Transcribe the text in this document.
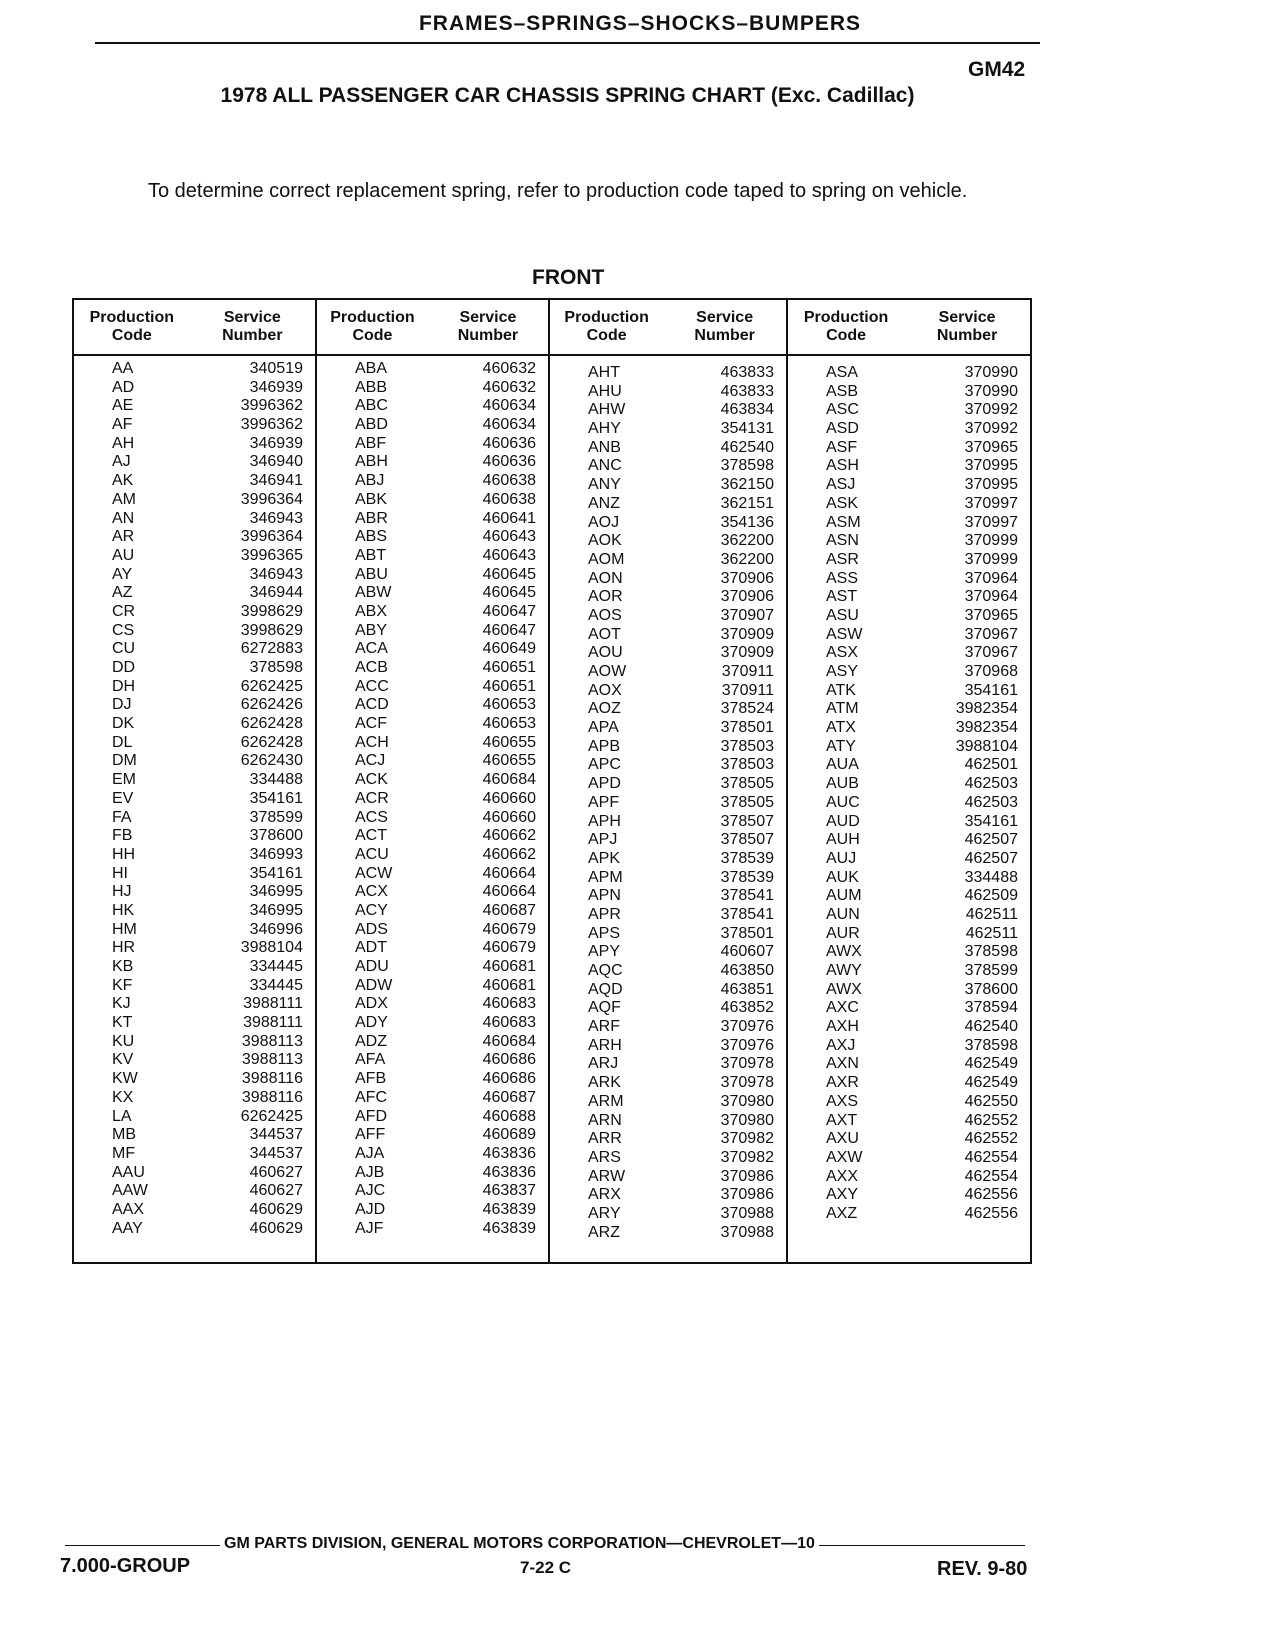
FRAMES–SPRINGS–SHOCKS–BUMPERS
GM42
1978 ALL PASSENGER CAR CHASSIS SPRING CHART (Exc. Cadillac)
To determine correct replacement spring, refer to production code taped to spring on vehicle.
FRONT
Production
Code
Service
Number
AA	340519
AD	346939
AE	3996362
AF	3996362
AH	346939
AJ	346940
AK	346941
AM	3996364
AN	346943
AR	3996364
AU	3996365
AY	346943
AZ	346944
CR	3998629
CS	3998629
CU	6272883
DD	378598
DH	6262425
DJ	6262426
DK	6262428
DL	6262428
DM	6262430
EM	334488
EV	354161
FA	378599
FB	378600
HH	346993
HI	354161
HJ	346995
HK	346995
HM	346996
HR	3988104
KB	334445
KF	334445
KJ	3988111
KT	3988111
KU	3988113
KV	3988113
KW	3988116
KX	3988116
LA	6262425
MB	344537
MF	344537
AAU	460627
AAW	460627
AAX	460629
AAY	460629
Production
Code
Service
Number
ABA	460632
ABB	460632
ABC	460634
ABD	460634
ABF	460636
ABH	460636
ABJ	460638
ABK	460638
ABR	460641
ABS	460643
ABT	460643
ABU	460645
ABW	460645
ABX	460647
ABY	460647
ACA	460649
ACB	460651
ACC	460651
ACD	460653
ACF	460653
ACH	460655
ACJ	460655
ACK	460684
ACR	460660
ACS	460660
ACT	460662
ACU	460662
ACW	460664
ACX	460664
ACY	460687
ADS	460679
ADT	460679
ADU	460681
ADW	460681
ADX	460683
ADY	460683
ADZ	460684
AFA	460686
AFB	460686
AFC	460687
AFD	460688
AFF	460689
AJA	463836
AJB	463836
AJC	463837
AJD	463839
AJF	463839
Production
Code
Service
Number
AHT	463833
AHU	463833
AHW	463834
AHY	354131
ANB	462540
ANC	378598
ANY	362150
ANZ	362151
AOJ	354136
AOK	362200
AOM	362200
AON	370906
AOR	370906
AOS	370907
AOT	370909
AOU	370909
AOW	370911
AOX	370911
AOZ	378524
APA	378501
APB	378503
APC	378503
APD	378505
APF	378505
APH	378507
APJ	378507
APK	378539
APM	378539
APN	378541
APR	378541
APS	378501
APY	460607
AQC	463850
AQD	463851
AQF	463852
ARF	370976
ARH	370976
ARJ	370978
ARK	370978
ARM	370980
ARN	370980
ARR	370982
ARS	370982
ARW	370986
ARX	370986
ARY	370988
ARZ	370988
Production
Code
Service
Number
ASA	370990
ASB	370990
ASC	370992
ASD	370992
ASF	370965
ASH	370995
ASJ	370995
ASK	370997
ASM	370997
ASN	370999
ASR	370999
ASS	370964
AST	370964
ASU	370965
ASW	370967
ASX	370967
ASY	370968
ATK	354161
ATM	3982354
ATX	3982354
ATY	3988104
AUA	462501
AUB	462503
AUC	462503
AUD	354161
AUH	462507
AUJ	462507
AUK	334488
AUM	462509
AUN	462511
AUR	462511
AWX	378598
AWY	378599
AWX	378600
AXC	378594
AXH	462540
AXJ	378598
AXN	462549
AXR	462549
AXS	462550
AXT	462552
AXU	462552
AXW	462554
AXX	462554
AXY	462556
AXZ	462556
GM PARTS DIVISION, GENERAL MOTORS CORPORATION—CHEVROLET—10
7.000-GROUP	7-22 C	REV. 9-80
